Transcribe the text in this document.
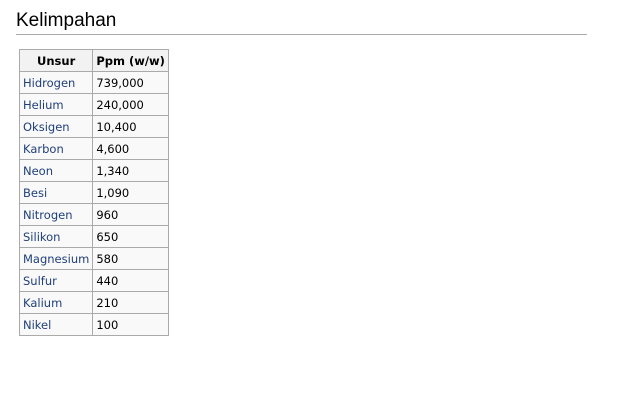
Kelimpahan
Unsur	Ppm (w/w)
Hidrogen	739,000
Helium	240,000
Oksigen	10,400
Karbon	4,600
Neon	1,340
Besi	1,090
Nitrogen	960
Silikon	650
Magnesium	580
Sulfur	440
Kalium	210
Nikel	100
